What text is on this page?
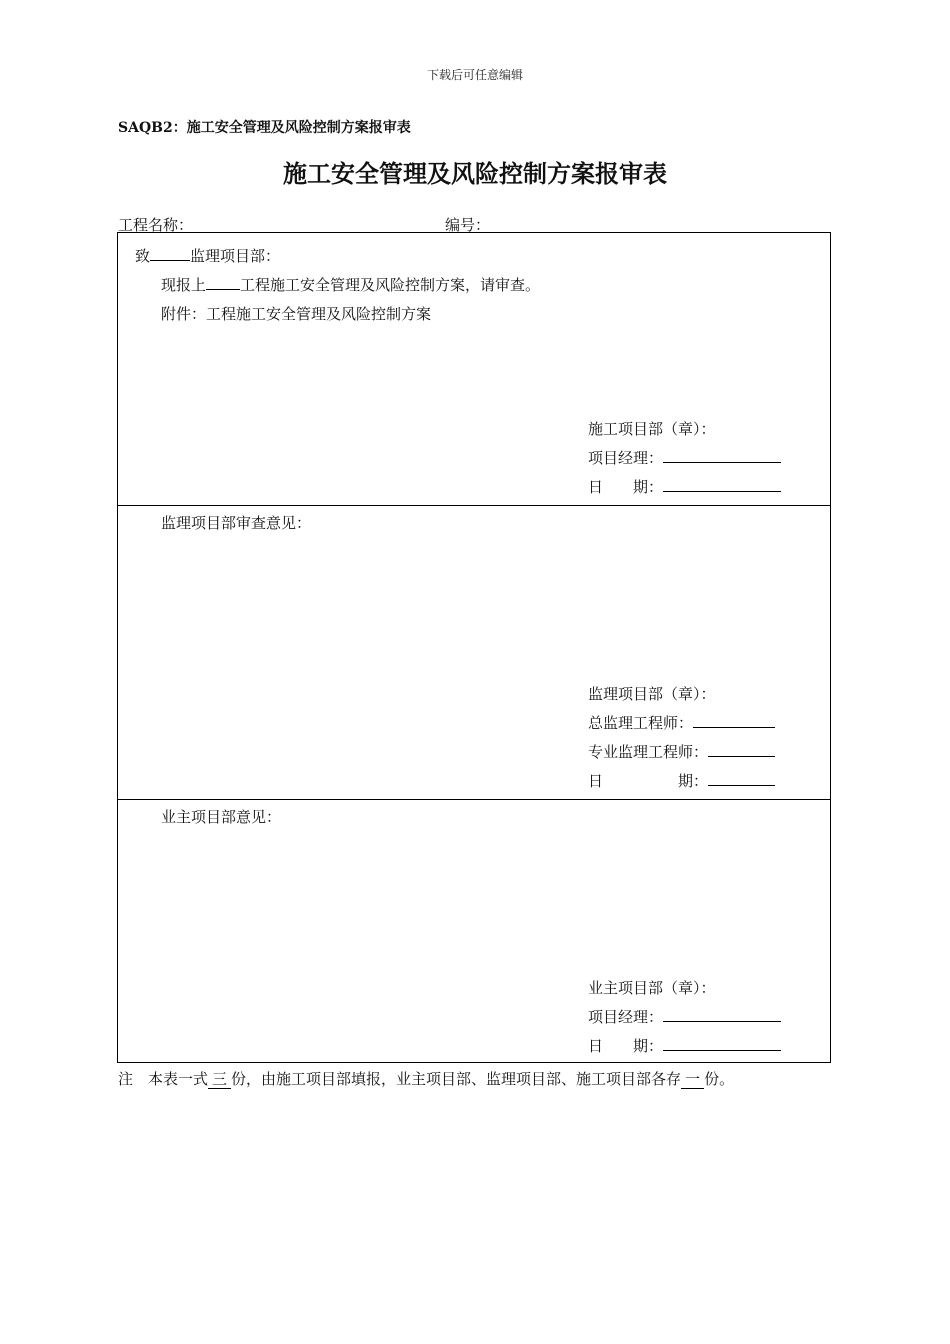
下载后可任意编辑
SAQB2：施工安全管理及风险控制方案报审表
施工安全管理及风险控制方案报审表
工程名称：	编号：
致	监理项目部：
现报上 工程施工安全管理及风险控制方案，请审查。
附件：工程施工安全管理及风险控制方案
施工项目部（章）：
项目经理：
日　　期：
监理项目部审查意见：
监理项目部（章）：
总监理工程师：
专业监理工程师：
日　　　　　期：
业主项目部意见：
业主项目部（章）：
项目经理：
日　　期：
注　本表一式 三 份，由施工项目部填报，业主项目部、监理项目部、施工项目部各存 一 份。
